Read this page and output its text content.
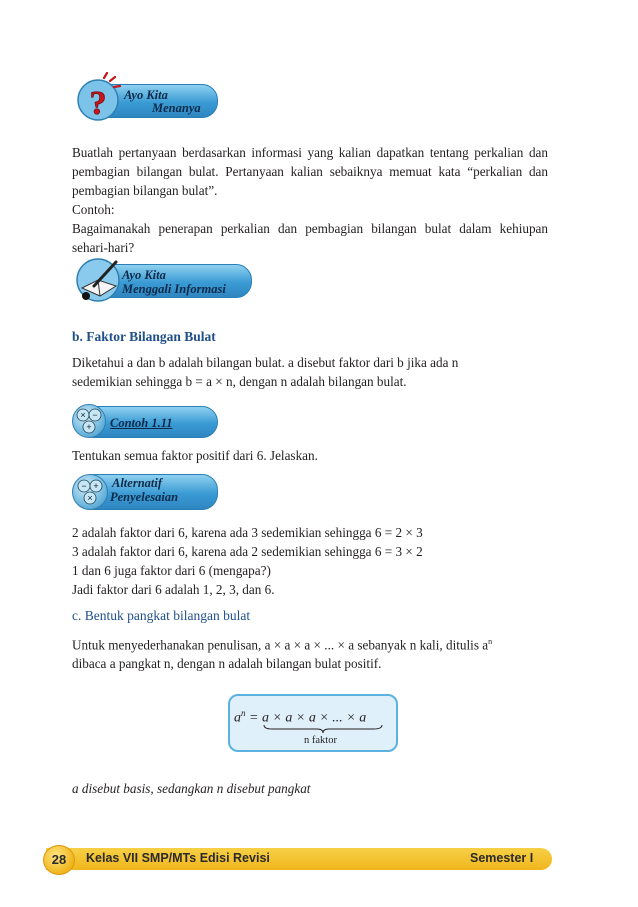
? Ayo Kita
Menanya

Buatlah pertanyaan berdasarkan informasi yang kalian dapatkan tentang perkalian dan pembagian bilangan bulat. Pertanyaan kalian sebaiknya memuat kata “perkalian dan pembagian bilangan bulat”.

Contoh:

Bagaimanakah penerapan perkalian dan pembagian bilangan bulat dalam kehiupan sehari-hari?

Ayo Kita
Menggali Informasi
b. Faktor Bilangan Bulat

Diketahui a dan b adalah bilangan bulat. a disebut faktor dari b jika ada n

sedemikian sehingga b = a × n, dengan n adalah bilangan bulat.

× −
+ Contoh 1.11
Tentukan semua faktor positif dari 6. Jelaskan.
− +
×
Alternatif
Penyelesaian

2 adalah faktor dari 6, karena ada 3 sedemikian sehingga 6 = 2 × 3

3 adalah faktor dari 6, karena ada 2 sedemikian sehingga 6 = 3 × 2

1 dan 6 juga faktor dari 6 (mengapa?)

Jadi faktor dari 6 adalah 1, 2, 3, dan 6.

c. Bentuk pangkat bilangan bulat

Untuk menyederhanakan penulisan, a × a × a × ... × a sebanyak n kali, ditulis $a^n$

dibaca a pangkat n, dengan n adalah bilangan bulat positif.

$a^n = a \times a \times a$ × ... × a
n faktor
a disebut basis, sedangkan n disebut pangkat
28	Kelas VII SMP/MTs Edisi Revisi	Semester I
